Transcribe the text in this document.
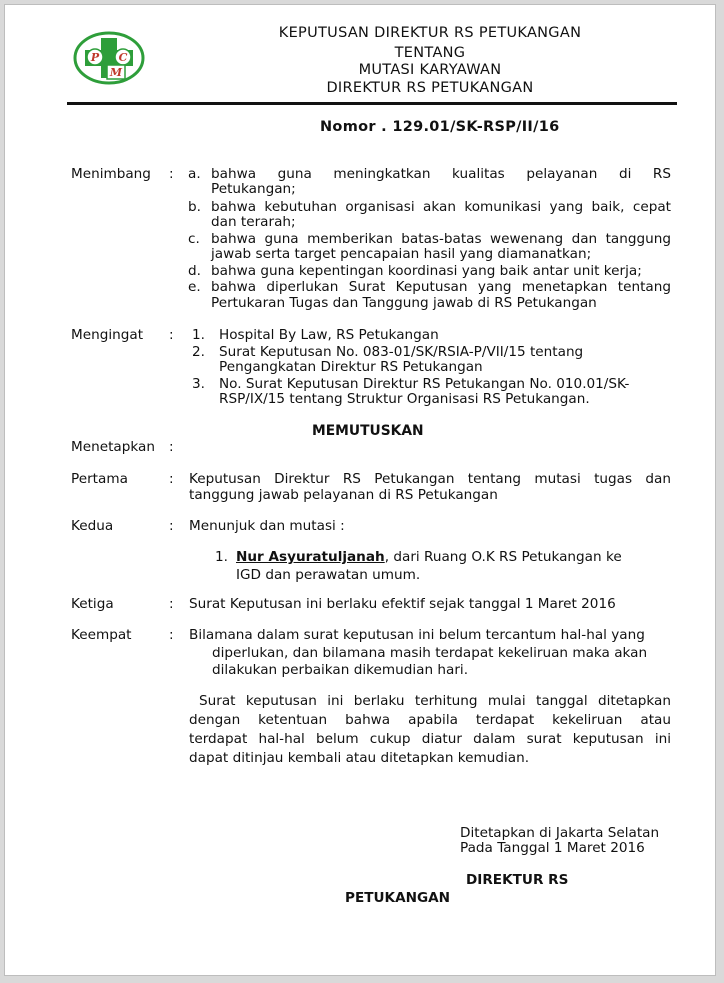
P C
M
KEPUTUSAN DIREKTUR RS PETUKANGAN
TENTANG
MUTASI KARYAWAN
DIREKTUR RS PETUKANGAN
Nomor . 129.01/SK-RSP/II/16
Menimbang	: a. bahwa guna meningkatkan kualitas pelayanan di RS
Petukangan;
b. bahwa kebutuhan organisasi akan komunikasi yang baik, cepat
dan terarah;
c. bahwa guna memberikan batas-batas wewenang dan tanggung
jawab serta target pencapaian hasil yang diamanatkan;
d. bahwa guna kepentingan koordinasi yang baik antar unit kerja;
e. bahwa diperlukan Surat Keputusan yang menetapkan tentang
Pertukaran Tugas dan Tanggung jawab di RS Petukangan
Mengingat	: 1. Hospital By Law, RS Petukangan
2. Surat Keputusan No. 083-01/SK/RSIA-P/VII/15 tentang
Pengangkatan Direktur RS Petukangan
3. No. Surat Keputusan Direktur RS Petukangan No. 010.01/SK-
RSP/IX/15 tentang Struktur Organisasi RS Petukangan.
MEMUTUSKAN
Menetapkan	:
Pertama	: Keputusan Direktur RS Petukangan tentang mutasi tugas dan
tanggung jawab pelayanan di RS Petukangan
Kedua	: Menunjuk dan mutasi :
1. Nur Asyuratuljanah, dari Ruang O.K RS Petukangan ke
IGD dan perawatan umum.
Ketiga	: Surat Keputusan ini berlaku efektif sejak tanggal 1 Maret 2016
Keempat	: Bilamana dalam surat keputusan ini belum tercantum hal-hal yang
diperlukan, dan bilamana masih terdapat kekeliruan maka akan
dilakukan perbaikan dikemudian hari.
Surat keputusan ini berlaku terhitung mulai tanggal ditetapkan
dengan ketentuan bahwa apabila terdapat kekeliruan atau
terdapat hal-hal belum cukup diatur dalam surat keputusan ini
dapat ditinjau kembali atau ditetapkan kemudian.
Ditetapkan di Jakarta Selatan
Pada Tanggal 1 Maret 2016
DIREKTUR RS
PETUKANGAN
